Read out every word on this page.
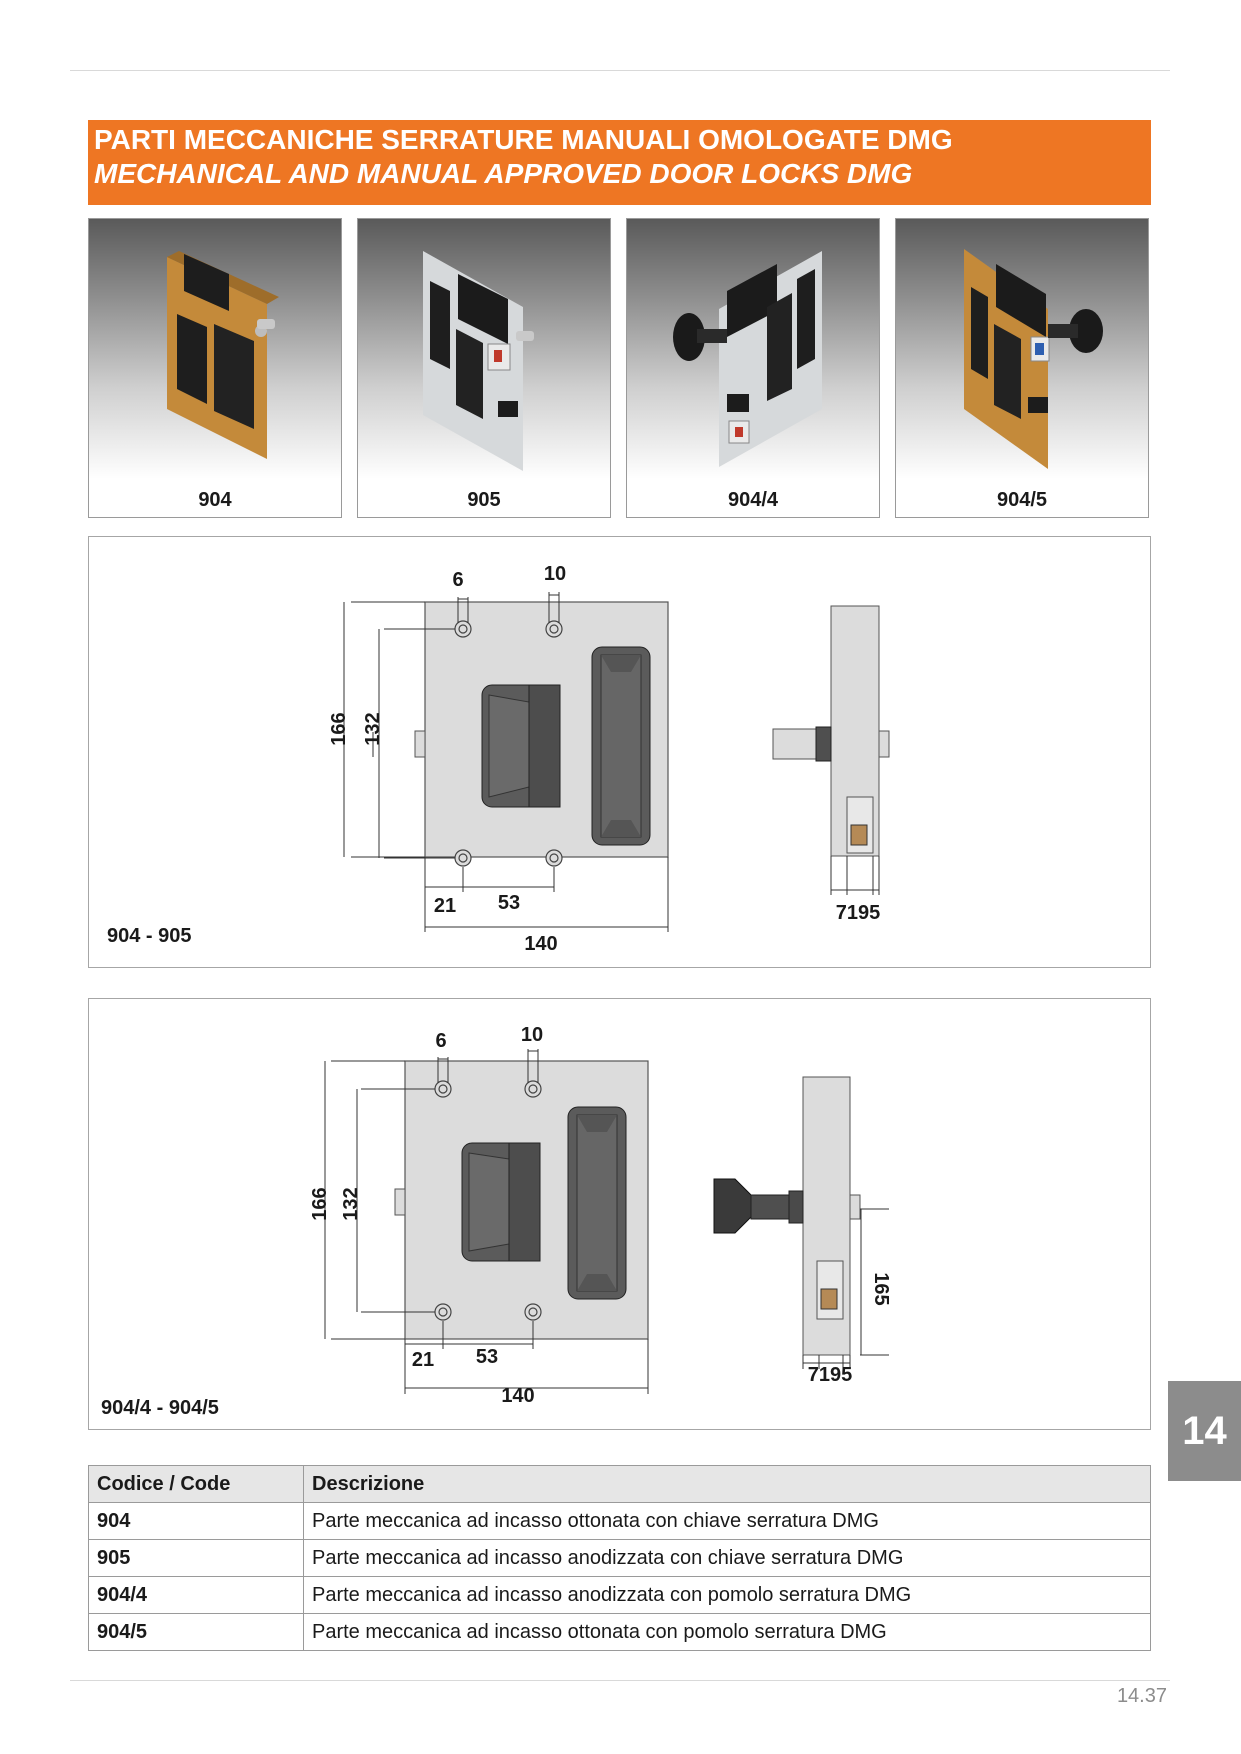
PARTI MECCANICHE SERRATURE MANUALI OMOLOGATE DMG
MECHANICAL AND MANUAL APPROVED DOOR LOCKS DMG
904	905	904/4	904/5
6	10
166 132
21 53
140
7195
904 - 905
6	10
166 132
21 53
140
165
7195
904/4 - 904/5
14
Codice / Code	Descrizione
904	Parte meccanica ad incasso ottonata con chiave serratura DMG
905	Parte meccanica ad incasso anodizzata con chiave serratura DMG
904/4	Parte meccanica ad incasso anodizzata con pomolo serratura DMG
904/5	Parte meccanica ad incasso ottonata con pomolo serratura DMG
14.37
